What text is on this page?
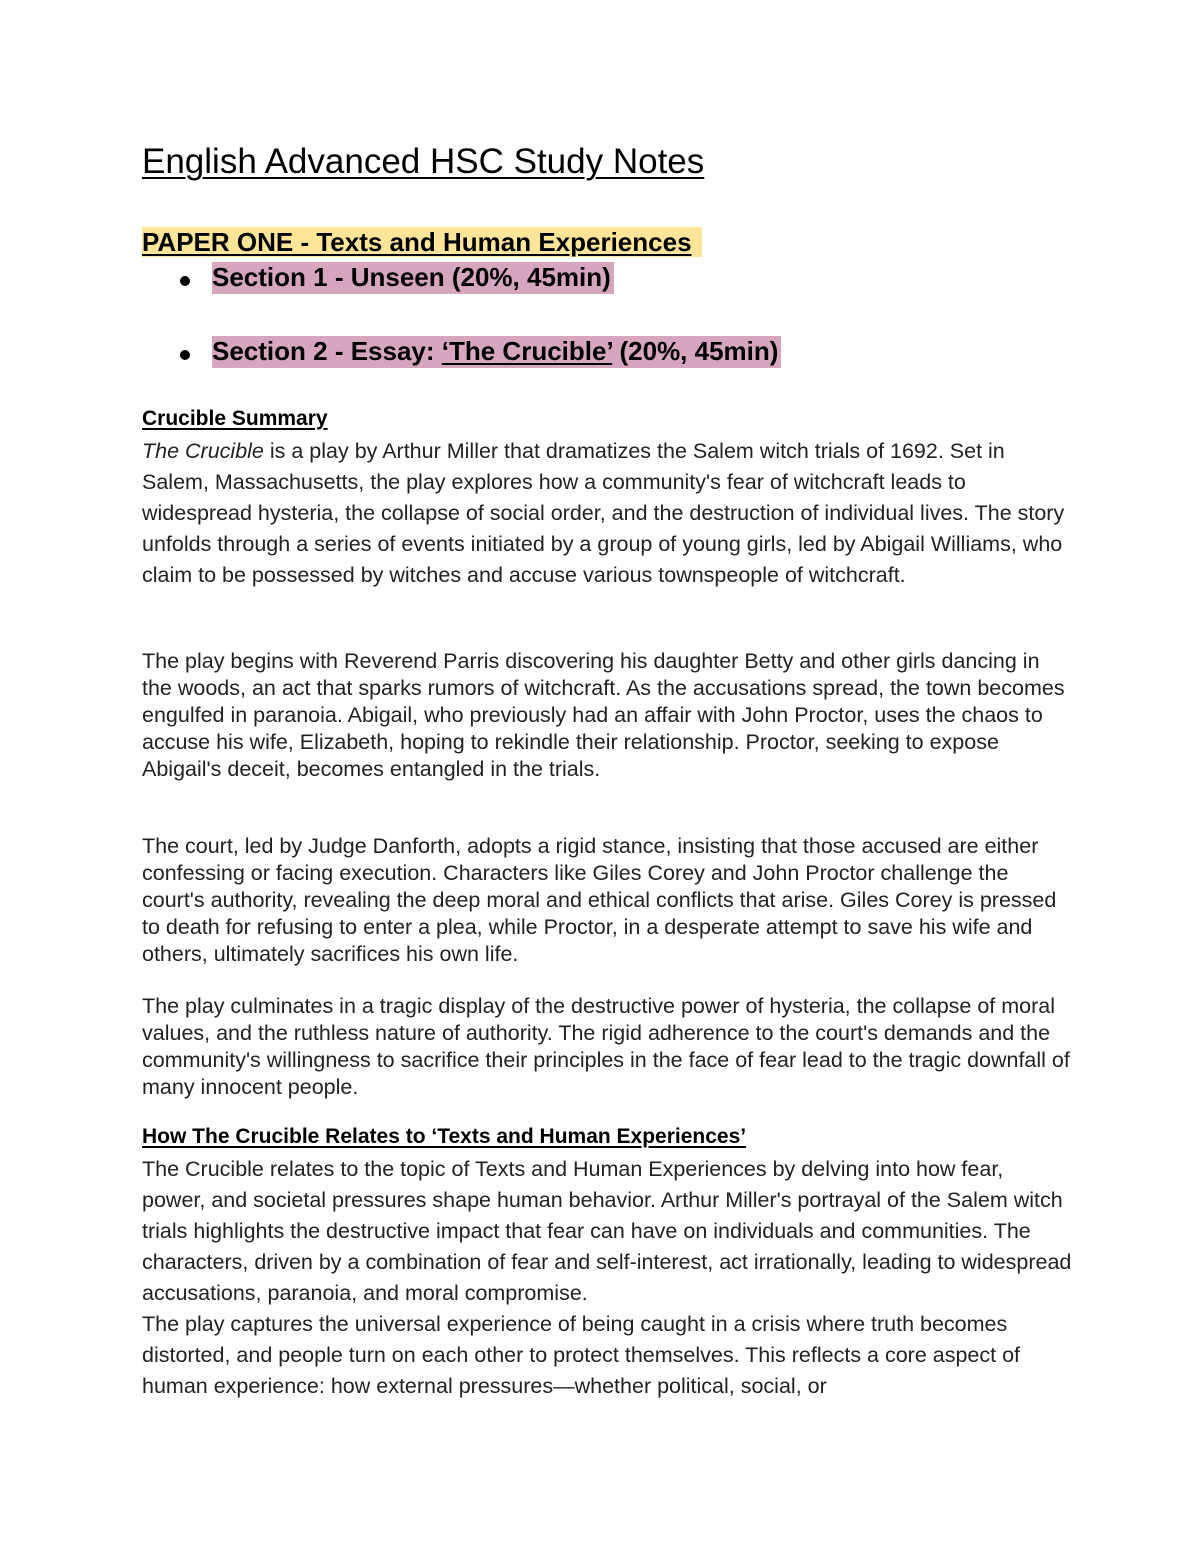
English Advanced HSC Study Notes
PAPER ONE - Texts and Human Experiences
Section 1 - Unseen (20%, 45min)
Section 2 - Essay: ‘The Crucible’ (20%, 45min)
Crucible Summary

The Crucible is a play by Arthur Miller that dramatizes the Salem witch trials of 1692. Set in Salem, Massachusetts, the play explores how a community's fear of witchcraft leads to widespread hysteria, the collapse of social order, and the destruction of individual lives. The story unfolds through a series of events initiated by a group of young girls, led by Abigail Williams, who claim to be possessed by witches and accuse various townspeople of witchcraft.

The play begins with Reverend Parris discovering his daughter Betty and other girls dancing in the woods, an act that sparks rumors of witchcraft. As the accusations spread, the town becomes engulfed in paranoia. Abigail, who previously had an affair with John Proctor, uses the chaos to accuse his wife, Elizabeth, hoping to rekindle their relationship. Proctor, seeking to expose Abigail's deceit, becomes entangled in the trials.

The court, led by Judge Danforth, adopts a rigid stance, insisting that those accused are either confessing or facing execution. Characters like Giles Corey and John Proctor challenge the court's authority, revealing the deep moral and ethical conflicts that arise. Giles Corey is pressed to death for refusing to enter a plea, while Proctor, in a desperate attempt to save his wife and others, ultimately sacrifices his own life.

The play culminates in a tragic display of the destructive power of hysteria, the collapse of moral values, and the ruthless nature of authority. The rigid adherence to the court's demands and the community's willingness to sacrifice their principles in the face of fear lead to the tragic downfall of many innocent people.

How The Crucible Relates to ‘Texts and Human Experiences’

The Crucible relates to the topic of Texts and Human Experiences by delving into how fear, power, and societal pressures shape human behavior. Arthur Miller's portrayal of the Salem witch trials highlights the destructive impact that fear can have on individuals and communities. The characters, driven by a combination of fear and self-interest, act irrationally, leading to widespread accusations, paranoia, and moral compromise.

The play captures the universal experience of being caught in a crisis where truth becomes distorted, and people turn on each other to protect themselves. This reflects a core aspect of human experience: how external pressures—whether political, social, or
